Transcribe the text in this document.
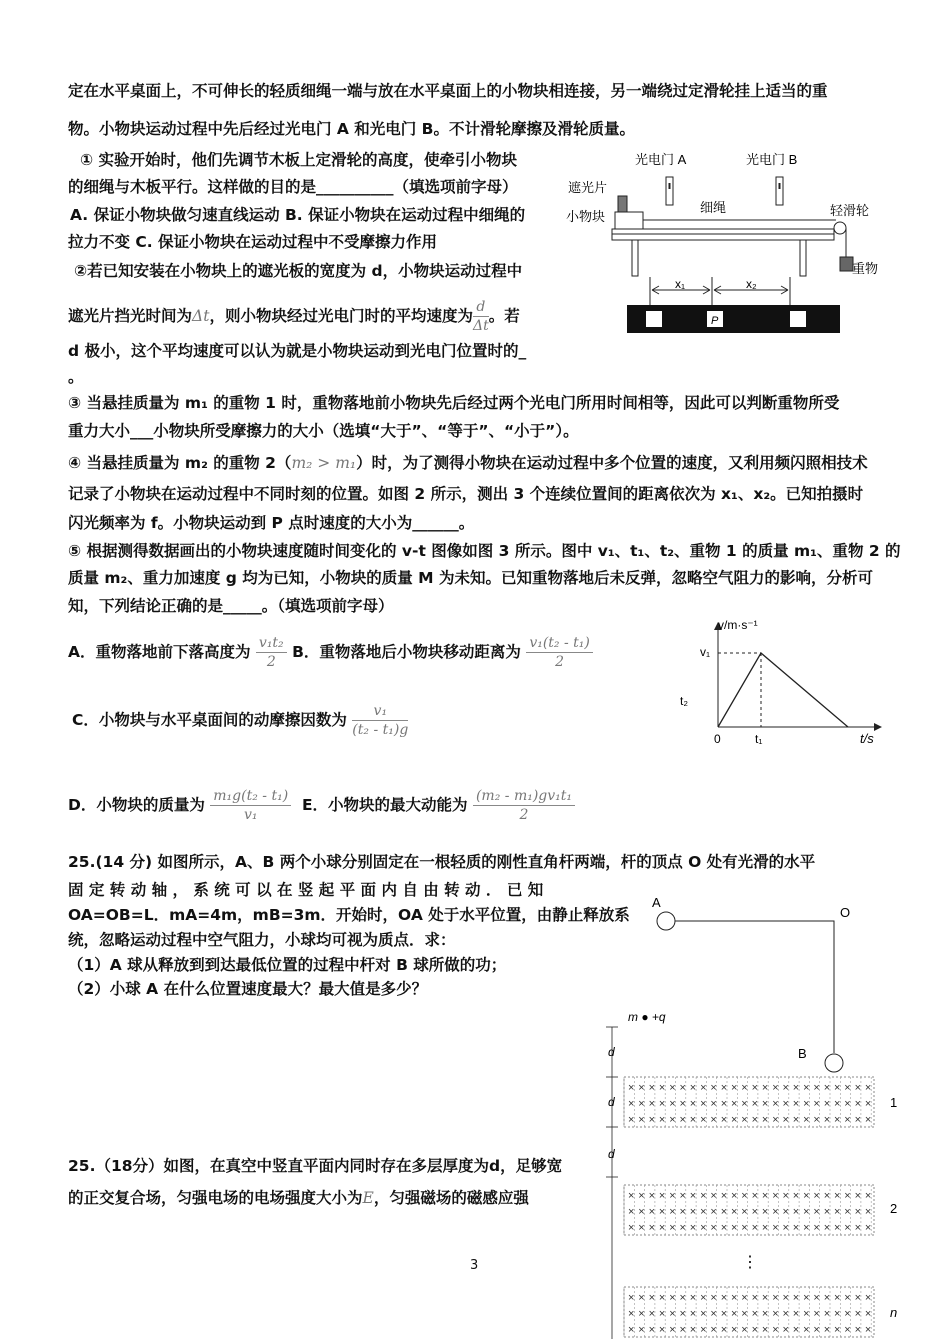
定在水平桌面上，不可伸长的轻质细绳一端与放在水平桌面上的小物块相连接，另一端绕过定滑轮挂上适当的重
物。小物块运动过程中先后经过光电门 A 和光电门 B。不计滑轮摩擦及滑轮质量。
① 实验开始时，他们先调节木板上定滑轮的高度，使牵引小物块
的细绳与木板平行。这样做的目的是__________（填选项前字母）
A. 保证小物块做匀速直线运动 B. 保证小物块在运动过程中细绳的
拉力不变 C. 保证小物块在运动过程中不受摩擦力作用
②若已知安装在小物块上的遮光板的宽度为 d，小物块运动过程中
遮光片挡光时间为Δt，则小物块经过光电门时的平均速度为 $\frac{d}{\Delta t}$ 。若
d 极小，这个平均速度可以认为就是小物块运动到光电门位置时的_
。
③ 当悬挂质量为 m₁ 的重物 1 时，重物落地前小物块先后经过两个光电门所用时间相等，因此可以判断重物所受
重力大小___小物块所受摩擦力的大小（选填“大于”、“等于”、“小于”）。
④ 当悬挂质量为 m₂ 的重物 2（m₂ > m₁）时，为了测得小物块在运动过程中多个位置的速度，又利用频闪照相技术
记录了小物块在运动过程中不同时刻的位置。如图 2 所示，测出 3 个连续位置间的距离依次为 x₁、x₂。已知拍摄时
闪光频率为 f。小物块运动到 P 点时速度的大小为______。
⑤ 根据测得数据画出的小物块速度随时间变化的 v-t 图像如图 3 所示。图中 v₁、t₁、t₂、重物 1 的质量 m₁、重物 2 的
质量 m₂、重力加速度 g 均为已知，小物块的质量 M 为未知。已知重物落地后未反弹，忽略空气阻力的影响，分析可
知，下列结论正确的是_____。（填选项前字母）
A．重物落地前下落高度为 $\frac{\text{v₁t₂}}{2}$ B．重物落地后小物块移动距离为 $\frac{\text{v₁(t₂ - t₁)}}{2}$
C．小物块与水平桌面间的动摩擦因数为 $\frac{\text{v₁}}{\text{(t₂ - t₁)g}}$
D．小物块的质量为 $\frac{\text{m₁g(t₂ - t₁)}}{\text{v₁}}$ E．小物块的最大动能为 $\frac{\text{(m₂ - m₁)gv₁t₁}}{2}$
25.(14 分) 如图所示，A、B 两个小球分别固定在一根轻质的刚性直角杆两端，杆的顶点 O 处有光滑的水平
固 定 转 动 轴 ， 系 统 可 以 在 竖 起 平 面 内 自 由 转 动 ． 已 知
OA=OB=L．mA=4m，mB=3m．开始时，OA 处于水平位置，由静止释放系
统，忽略运动过程中空气阻力，小球均可视为质点．求：
（1）A 球从释放到到达最低位置的过程中杆对 B 球所做的功；
（2）小球 A 在什么位置速度最大？最大值是多少？
25.（18分）如图，在真空中竖直平面内同时存在多层厚度为d，足够宽
的正交复合场，匀强电场的电场强度大小为E，匀强磁场的磁感应强
3
光电门 A	光电门 B
遮光片
小物块
细绳	轻滑轮
重物
x₁	x₂
P
v/m·s⁻¹
t/s
v₁
t₂
0	t₁
A
O
B
m ● +q
d
d
d
× × × × × × × × × × × × × × × × × × × × × × × ×
× × × × × × × × × × × × × × × × × × × × × × × ×
× × × × × × × × × × × × × × × × × × × × × × × ×
× × × × × × × × × × × × × × × × × × × × × × × ×
× × × × × × × × × × × × × × × × × × × × × × × ×
× × × × × × × × × × × × × × × × × × × × × × × ×
× × × × × × × × × × × × × × × × × × × × × × × ×
× × × × × × × × × × × × × × × × × × × × × × × ×
× × × × × × × × × × × × × × × × × × × × × × × ×
1
2
⋮
n
